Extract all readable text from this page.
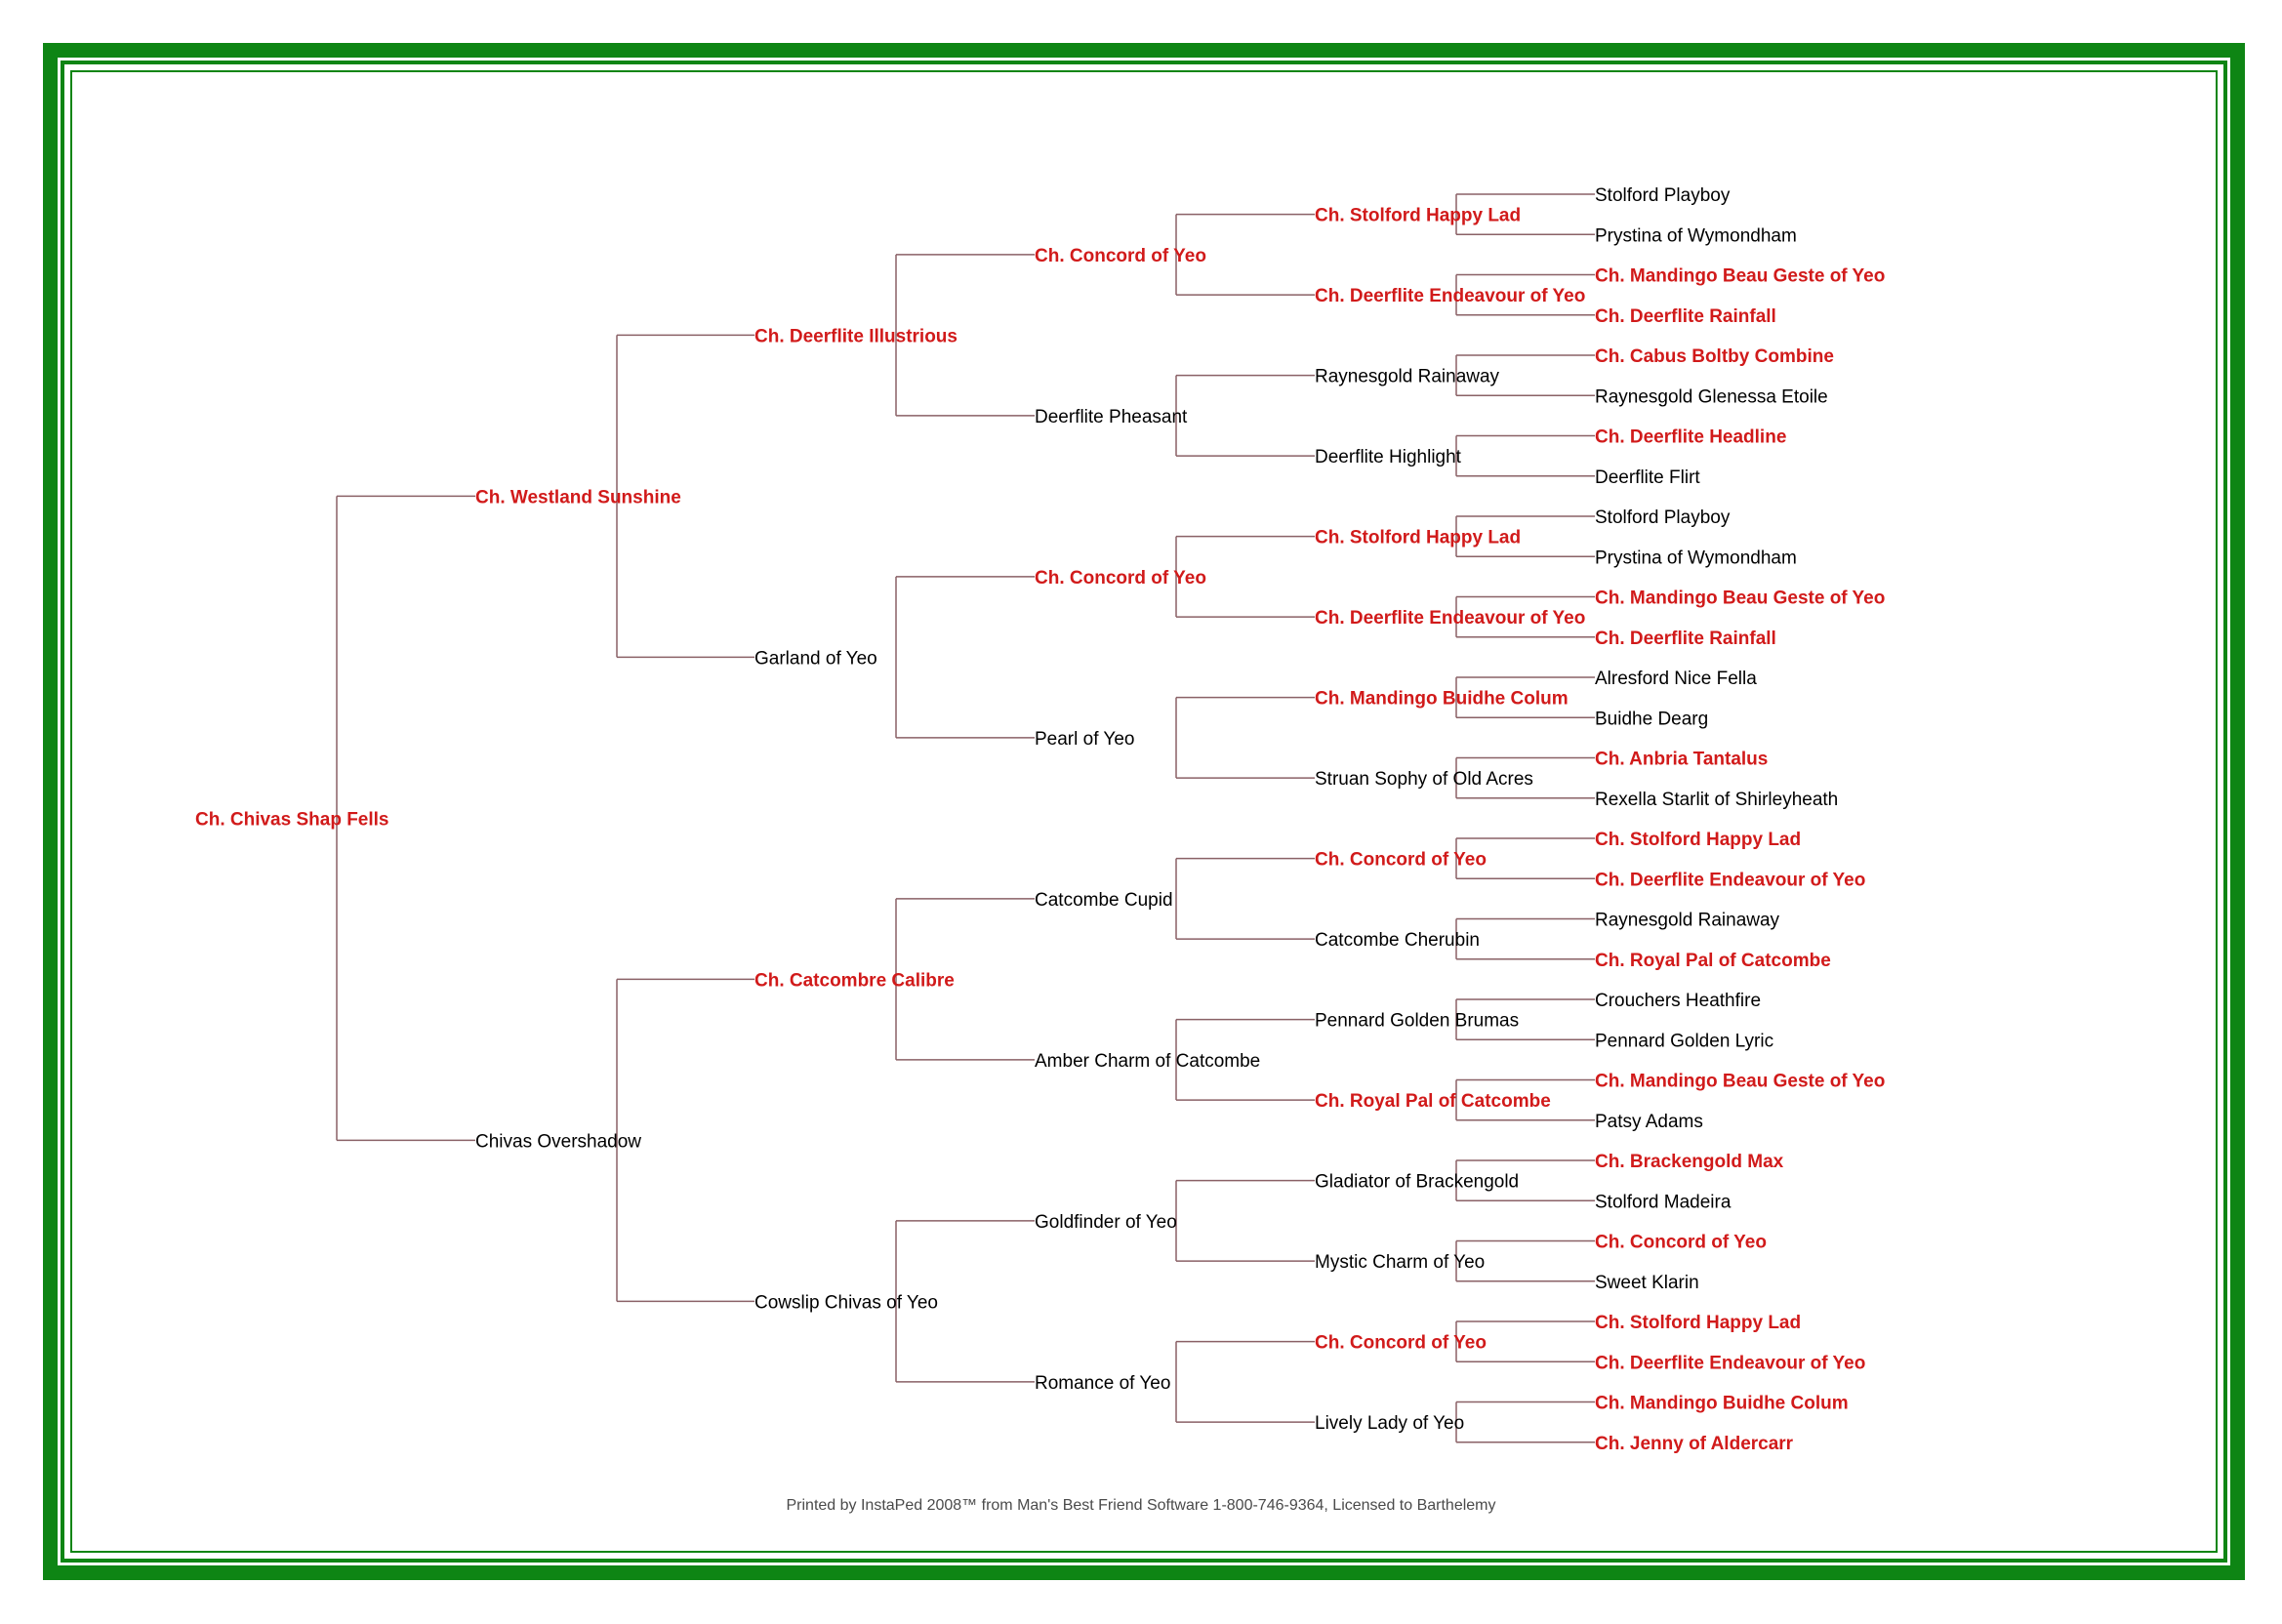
Stolford Playboy
Prystina of Wymondham
Ch. Stolford Happy Lad
Ch. Mandingo Beau Geste of Yeo
Ch. Deerflite Rainfall
Ch. Deerflite Endeavour of Yeo
Ch. Concord of Yeo
Ch. Cabus Boltby Combine
Raynesgold Glenessa Etoile
Raynesgold Rainaway
Ch. Deerflite Headline
Deerflite Flirt
Deerflite Highlight
Deerflite Pheasant
Ch. Deerflite Illustrious
Stolford Playboy
Prystina of Wymondham
Ch. Stolford Happy Lad
Ch. Mandingo Beau Geste of Yeo
Ch. Deerflite Rainfall
Ch. Deerflite Endeavour of Yeo
Ch. Concord of Yeo
Alresford Nice Fella
Buidhe Dearg
Ch. Mandingo Buidhe Colum
Ch. Anbria Tantalus
Rexella Starlit of Shirleyheath
Struan Sophy of Old Acres
Pearl of Yeo
Garland of Yeo
Ch. Westland Sunshine
Ch. Stolford Happy Lad
Ch. Deerflite Endeavour of Yeo
Ch. Concord of Yeo
Raynesgold Rainaway
Ch. Royal Pal of Catcombe
Catcombe Cherubin
Catcombe Cupid
Crouchers Heathfire
Pennard Golden Lyric
Pennard Golden Brumas
Ch. Mandingo Beau Geste of Yeo
Patsy Adams
Ch. Royal Pal of Catcombe
Amber Charm of Catcombe
Ch. Catcombre Calibre
Ch. Brackengold Max
Stolford Madeira
Gladiator of Brackengold
Ch. Concord of Yeo
Sweet Klarin
Mystic Charm of Yeo
Goldfinder of Yeo
Ch. Stolford Happy Lad
Ch. Deerflite Endeavour of Yeo
Ch. Concord of Yeo
Ch. Mandingo Buidhe Colum
Ch. Jenny of Aldercarr
Lively Lady of Yeo
Romance of Yeo
Cowslip Chivas of Yeo
Chivas Overshadow
Ch. Chivas Shap Fells
Printed by InstaPed 2008™ from Man's Best Friend Software 1-800-746-9364, Licensed to Barthelemy
